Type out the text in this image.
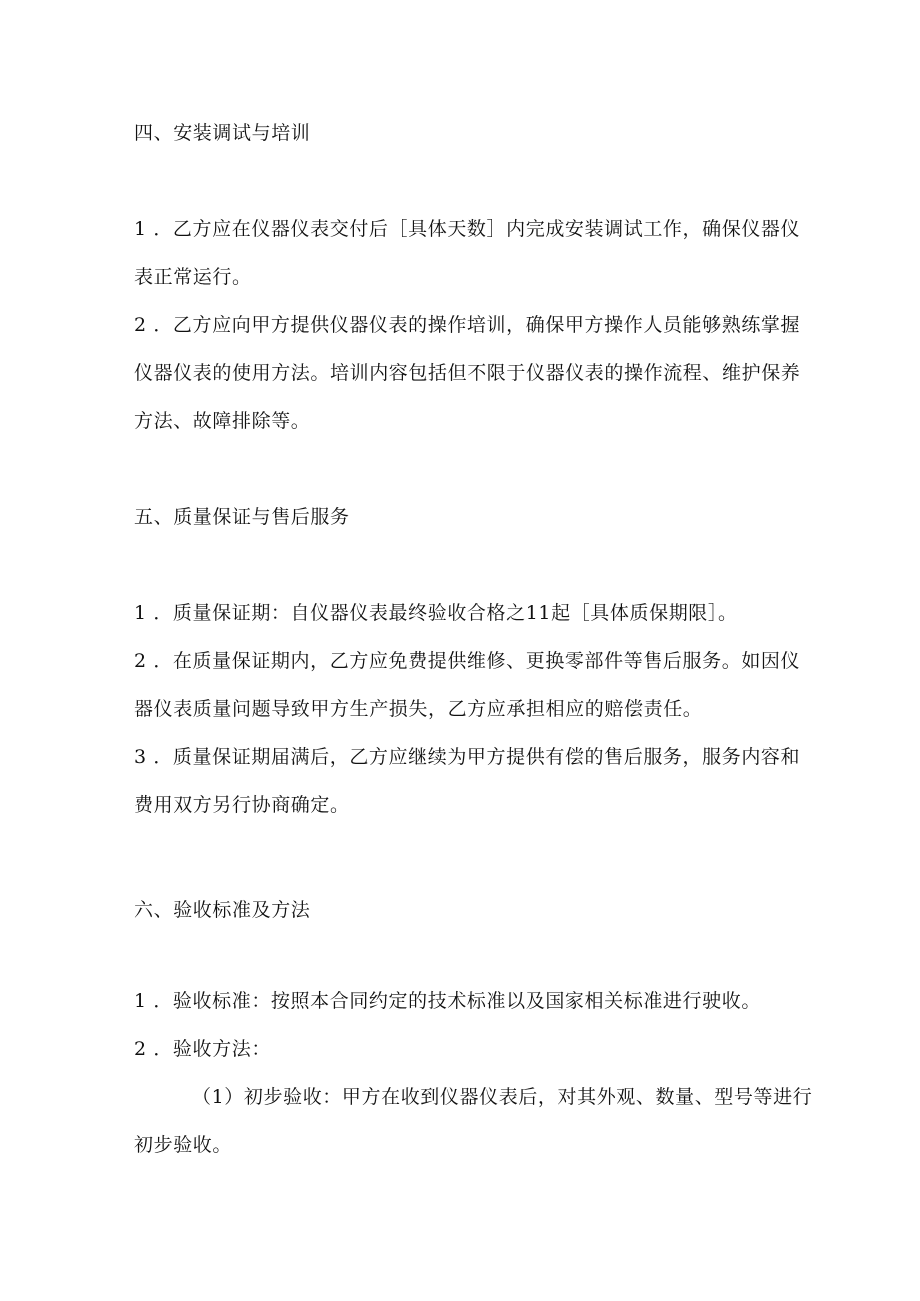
四、安装调试与培训
1 ．乙方应在仪器仪表交付后［具体天数］内完成安装调试工作，确保仪器仪
表正常运行。
2 ．乙方应向甲方提供仪器仪表的操作培训，确保甲方操作人员能够熟练掌握
仪器仪表的使用方法。培训内容包括但不限于仪器仪表的操作流程、维护保养
方法、故障排除等。
五、质量保证与售后服务
1 ．质量保证期：自仪器仪表最终验收合格之11起［具体质保期限］。
2 ．在质量保证期内，乙方应免费提供维修、更换零部件等售后服务。如因仪
器仪表质量问题导致甲方生产损失，乙方应承担相应的赔偿责任。
3 ．质量保证期届满后，乙方应继续为甲方提供有偿的售后服务，服务内容和
费用双方另行协商确定。
六、验收标准及方法
1 ．验收标准：按照本合同约定的技术标准以及国家相关标准进行驶收。
2 ．验收方法：
（1）初步验收：甲方在收到仪器仪表后，对其外观、数量、型号等进行
初步验收。
